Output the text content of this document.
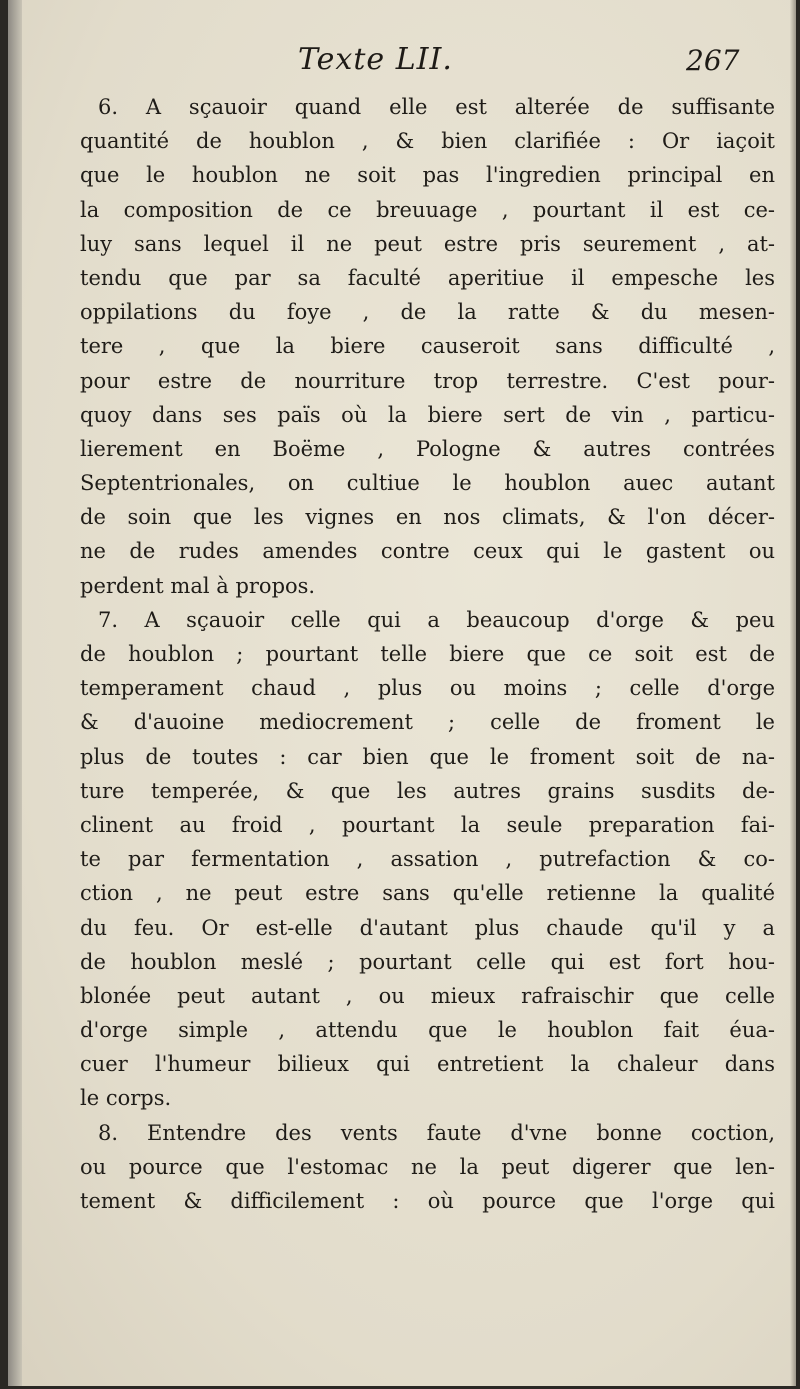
Texte LII.	267
6. A sçauoir quand elle est alterée de suffisante
quantité de houblon , & bien clarifiée : Or iaçoit
que le houblon ne soit pas l'ingredien principal en
la composition de ce breuuage , pourtant il est ce-
luy sans lequel il ne peut estre pris seurement , at-
tendu que par sa faculté aperitiue il empesche les
oppilations du foye , de la ratte & du mesen-
tere , que la biere causeroit sans difficulté ,
pour estre de nourriture trop terrestre. C'est pour-
quoy dans ses païs où la biere sert de vin , particu-
lierement en Boëme , Pologne & autres contrées
Septentrionales, on cultiue le houblon auec autant
de soin que les vignes en nos climats, & l'on décer-
ne de rudes amendes contre ceux qui le gastent ou
perdent mal à propos.
7. A sçauoir celle qui a beaucoup d'orge & peu
de houblon ; pourtant telle biere que ce soit est de
temperament chaud , plus ou moins ; celle d'orge
& d'auoine mediocrement ; celle de froment le
plus de toutes : car bien que le froment soit de na-
ture temperée, & que les autres grains susdits de-
clinent au froid , pourtant la seule preparation fai-
te par fermentation , assation , putrefaction & co-
ction , ne peut estre sans qu'elle retienne la qualité
du feu. Or est-elle d'autant plus chaude qu'il y a
de houblon meslé ; pourtant celle qui est fort hou-
blonée peut autant , ou mieux rafraischir que celle
d'orge simple , attendu que le houblon fait éua-
cuer l'humeur bilieux qui entretient la chaleur dans
le corps.
8. Entendre des vents faute d'vne bonne coction,
ou pource que l'estomac ne la peut digerer que len-
tement & difficilement : où pource que l'orge qui
